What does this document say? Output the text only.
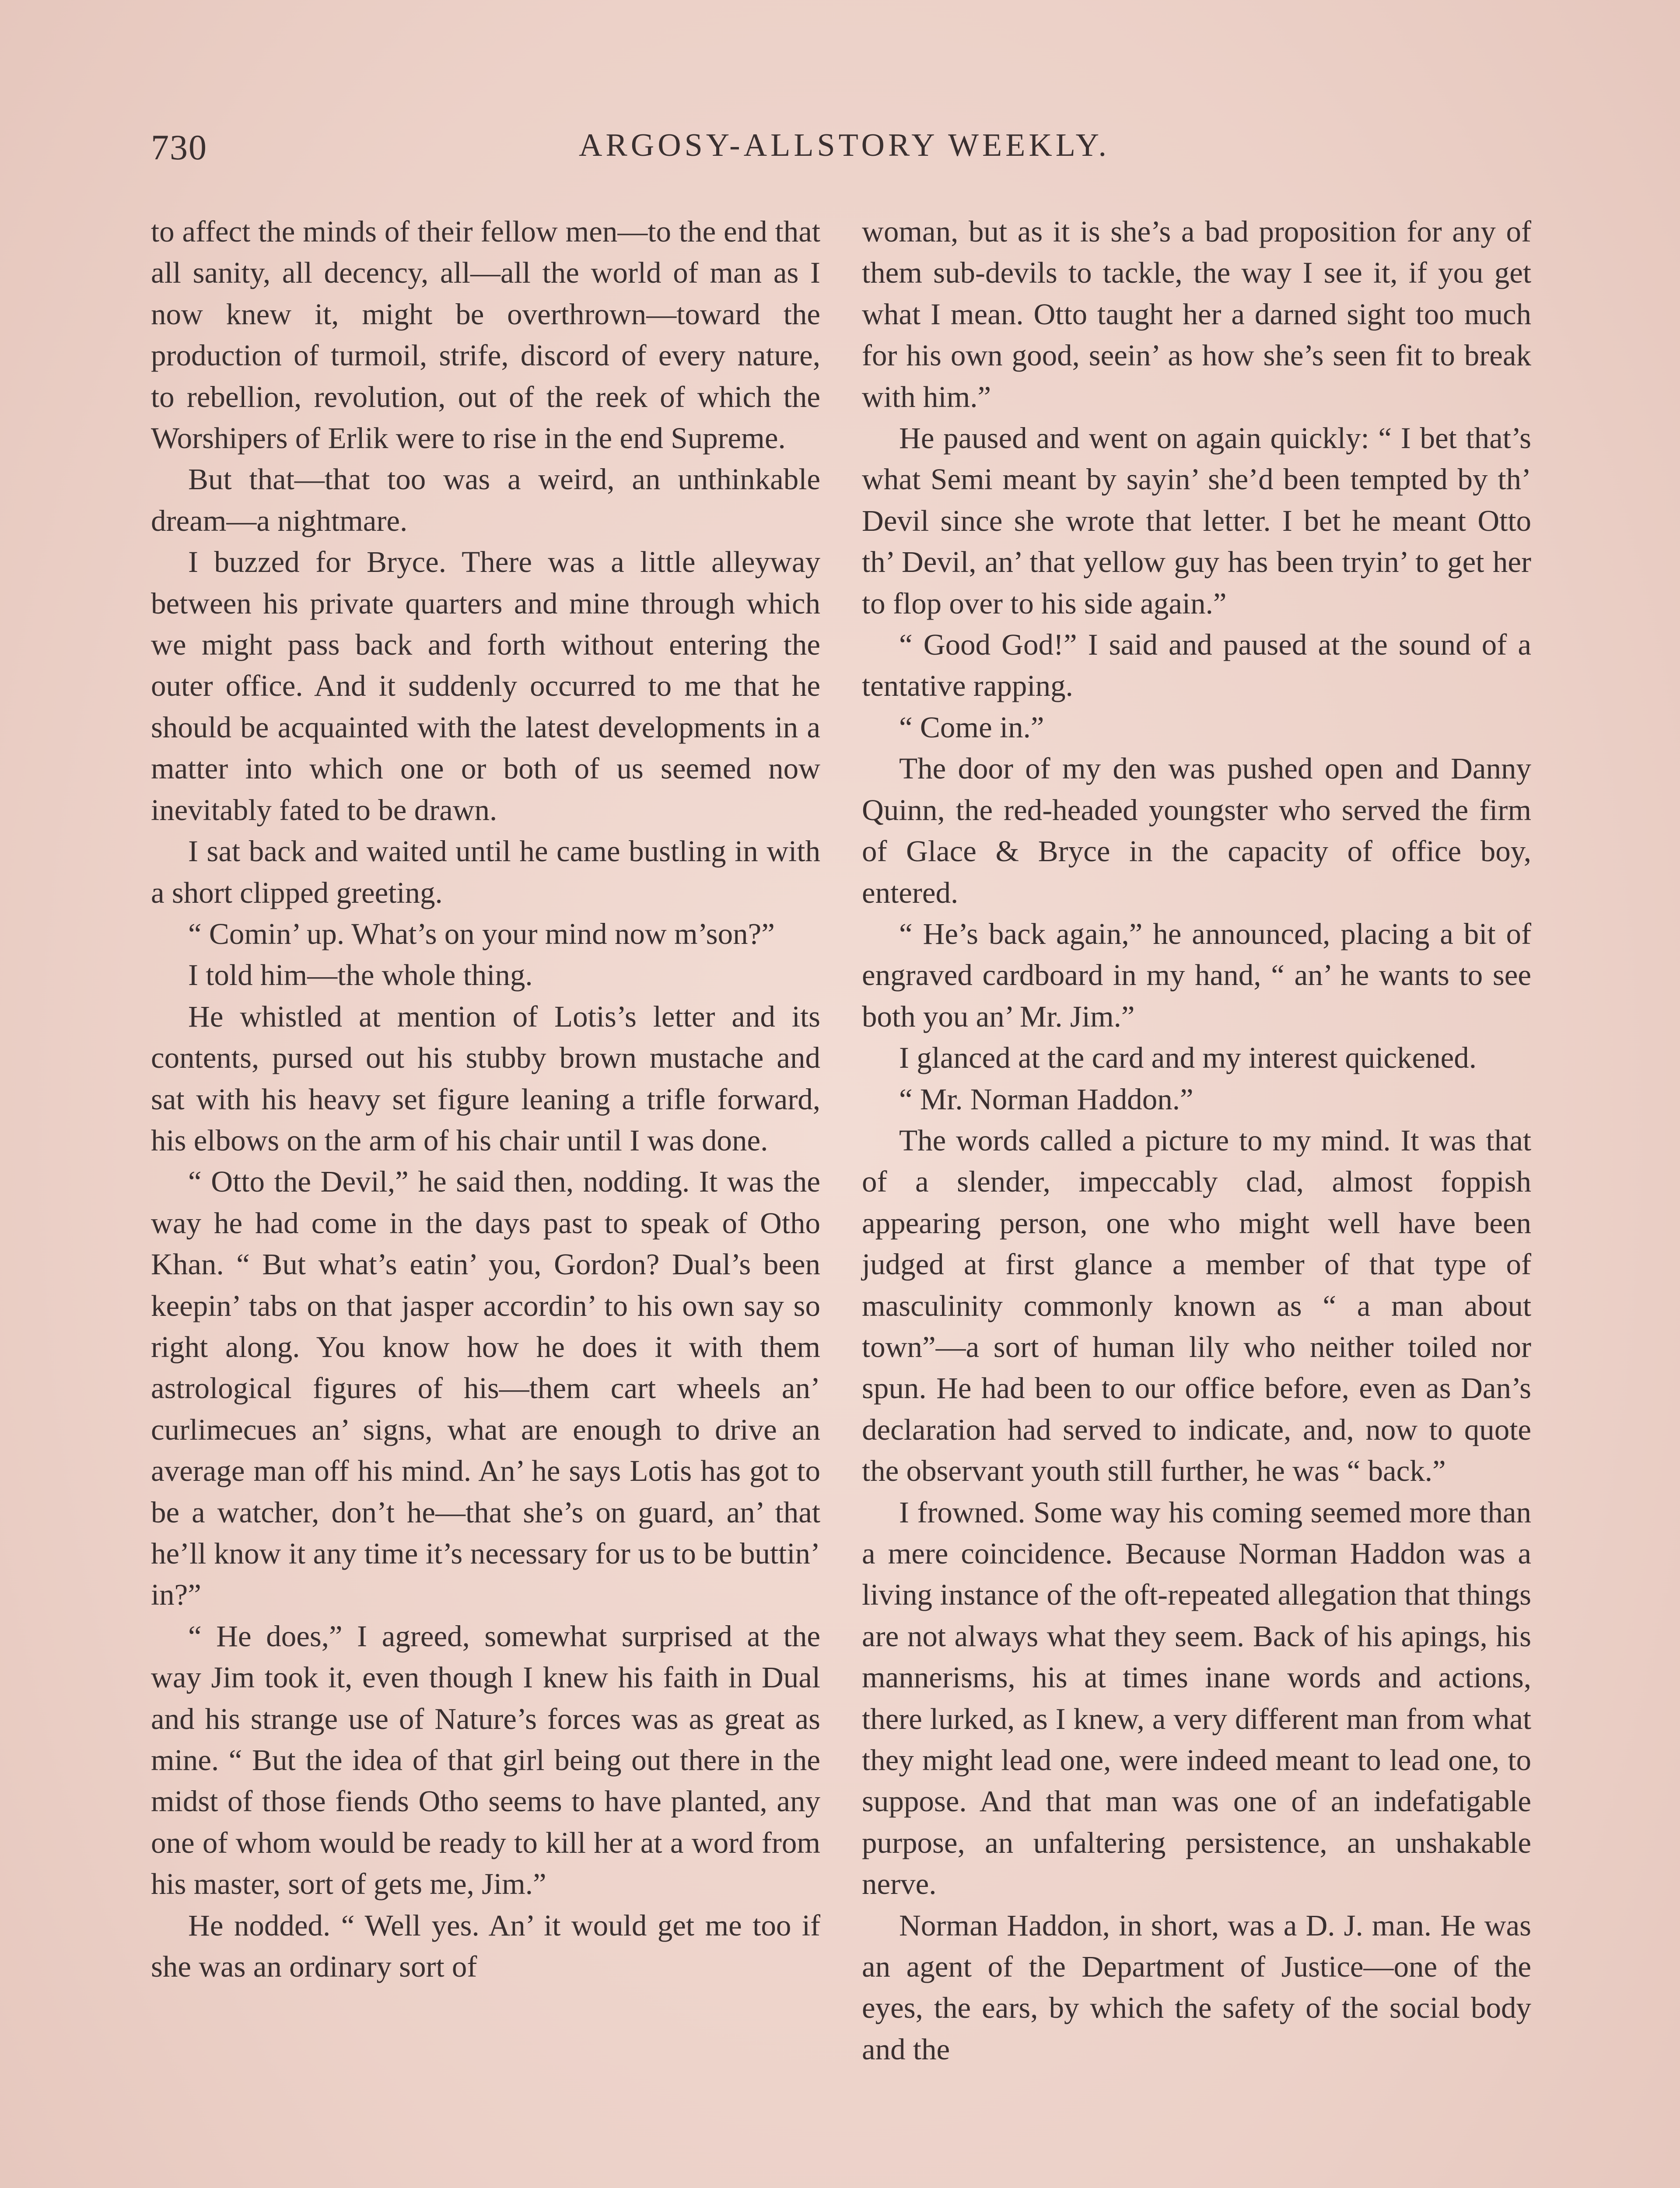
730	ARGOSY-ALLSTORY WEEKLY.

to affect the minds of their fellow men—to the end that all sanity, all decency, all—all the world of man as I now knew it, might be overthrown—toward the production of turmoil, strife, discord of every nature, to rebellion, revolution, out of the reek of which the Worshipers of Erlik were to rise in the end Supreme.

But that—that too was a weird, an unthinkable dream—a nightmare.

I buzzed for Bryce. There was a little alleyway between his private quarters and mine through which we might pass back and forth without entering the outer office. And it suddenly occurred to me that he should be acquainted with the latest developments in a matter into which one or both of us seemed now inevitably fated to be drawn.

I sat back and waited until he came bustling in with a short clipped greeting.

“ Comin’ up. What’s on your mind now m’son?”

I told him—the whole thing.

He whistled at mention of Lotis’s letter and its contents, pursed out his stubby brown mustache and sat with his heavy set figure leaning a trifle forward, his elbows on the arm of his chair until I was done.

“ Otto the Devil,” he said then, nodding. It was the way he had come in the days past to speak of Otho Khan. “ But what’s eatin’ you, Gordon? Dual’s been keepin’ tabs on that jasper accordin’ to his own say so right along. You know how he does it with them astrological figures of his—them cart wheels an’ curlimecues an’ signs, what are enough to drive an average man off his mind. An’ he says Lotis has got to be a watcher, don’t he—that she’s on guard, an’ that he’ll know it any time it’s necessary for us to be buttin’ in?”

“ He does,” I agreed, somewhat surprised at the way Jim took it, even though I knew his faith in Dual and his strange use of Nature’s forces was as great as mine. “ But the idea of that girl being out there in the midst of those fiends Otho seems to have planted, any one of whom would be ready to kill her at a word from his master, sort of gets me, Jim.”

He nodded. “ Well yes. An’ it would get me too if she was an ordinary sort of

woman, but as it is she’s a bad proposition for any of them sub-devils to tackle, the way I see it, if you get what I mean. Otto taught her a darned sight too much for his own good, seein’ as how she’s seen fit to break with him.”

He paused and went on again quickly: “ I bet that’s what Semi meant by sayin’ she’d been tempted by th’ Devil since she wrote that letter. I bet he meant Otto th’ Devil, an’ that yellow guy has been tryin’ to get her to flop over to his side again.”

“ Good God!” I said and paused at the sound of a tentative rapping.

“ Come in.”

The door of my den was pushed open and Danny Quinn, the red-headed youngster who served the firm of Glace & Bryce in the capacity of office boy, entered.

“ He’s back again,” he announced, placing a bit of engraved cardboard in my hand, “ an’ he wants to see both you an’ Mr. Jim.”

I glanced at the card and my interest quickened.

“ Mr. Norman Haddon.”

The words called a picture to my mind. It was that of a slender, impeccably clad, almost foppish appearing person, one who might well have been judged at first glance a member of that type of masculinity commonly known as “ a man about town”—a sort of human lily who neither toiled nor spun. He had been to our office before, even as Dan’s declaration had served to indicate, and, now to quote the observant youth still further, he was “ back.”

I frowned. Some way his coming seemed more than a mere coincidence. Because Norman Haddon was a living instance of the oft-repeated allegation that things are not always what they seem. Back of his apings, his mannerisms, his at times inane words and actions, there lurked, as I knew, a very different man from what they might lead one, were indeed meant to lead one, to suppose. And that man was one of an indefatigable purpose, an unfaltering persistence, an unshakable nerve.

Norman Haddon, in short, was a D. J. man. He was an agent of the Department of Justice—one of the eyes, the ears, by which the safety of the social body and the
